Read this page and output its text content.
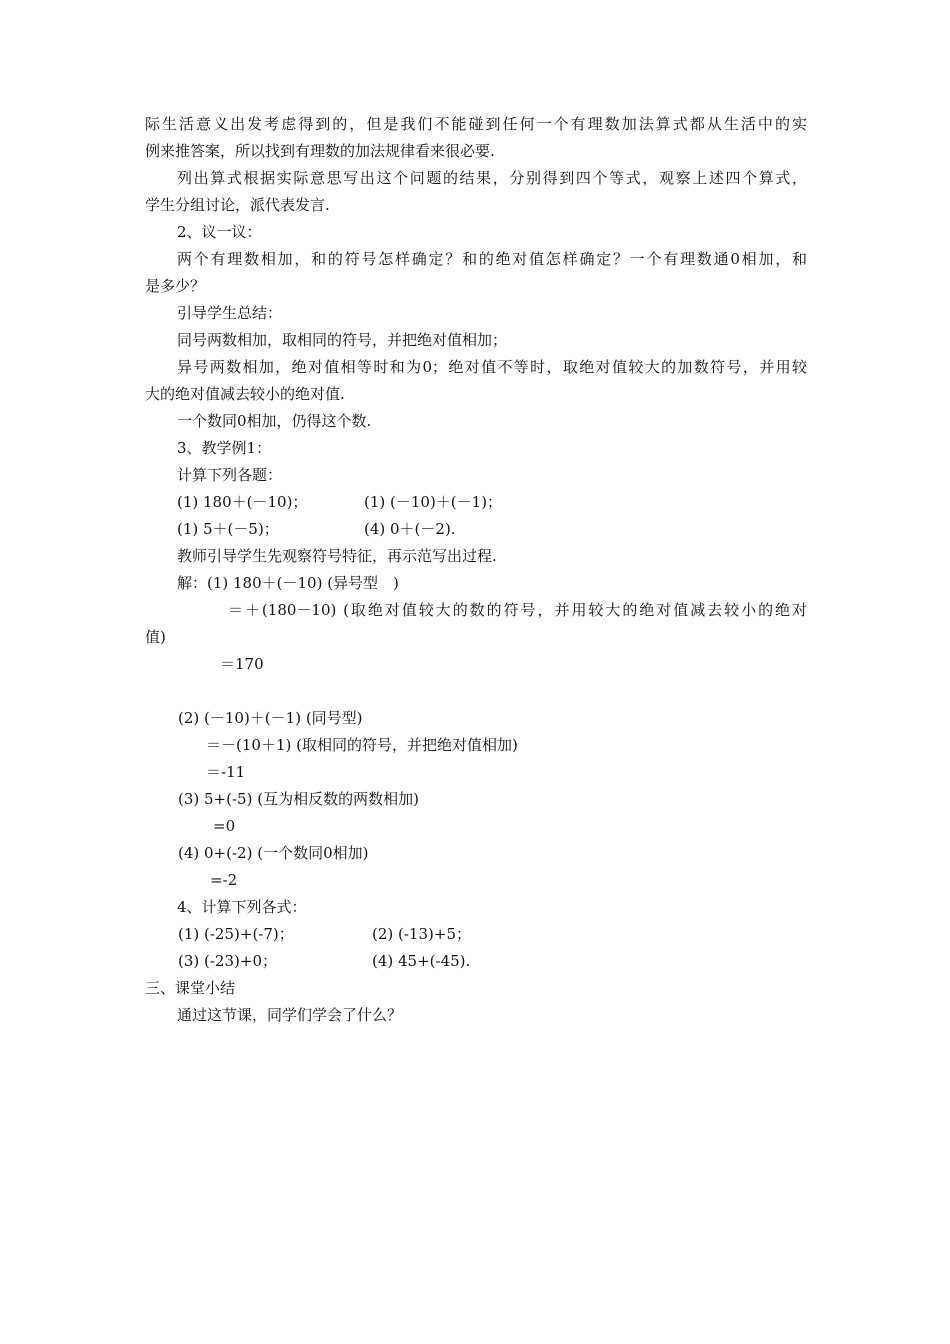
际生活意义出发考虑得到的，但是我们不能碰到任何一个有理数加法算式都从生活中的实
例来推答案，所以找到有理数的加法规律看来很必要.
列出算式根据实际意思写出这个问题的结果，分别得到四个等式，观察上述四个算式，
学生分组讨论，派代表发言.
2、议一议：
两个有理数相加，和的符号怎样确定？和的绝对值怎样确定？一个有理数通0相加，和
是多少？
引导学生总结：
同号两数相加，取相同的符号，并把绝对值相加；
异号两数相加，绝对值相等时和为0；绝对值不等时，取绝对值较大的加数符号，并用较
大的绝对值减去较小的绝对值.
一个数同0相加，仍得这个数.
3、教学例1：
计算下列各题：
(1) 180＋(－10)；	(1) (－10)＋(－1)；
(1) 5＋(－5)；	(4) 0＋(－2).
教师引导学生先观察符号特征，再示范写出过程.
解：(1) 180＋(－10) (异号型　)
＝＋(180－10) (取绝对值较大的数的符号，并用较大的绝对值减去较小的绝对
值)
＝170
(2) (－10)＋(－1) (同号型)
＝－(10＋1) (取相同的符号，并把绝对值相加)
＝-11
(3) 5+(-5) (互为相反数的两数相加)
=0
(4) 0+(-2) (一个数同0相加)
=-2
4、计算下列各式：
(1) (-25)+(-7)；	(2) (-13)+5；
(3) (-23)+0；	(4) 45+(-45).
三、课堂小结
通过这节课，同学们学会了什么？
